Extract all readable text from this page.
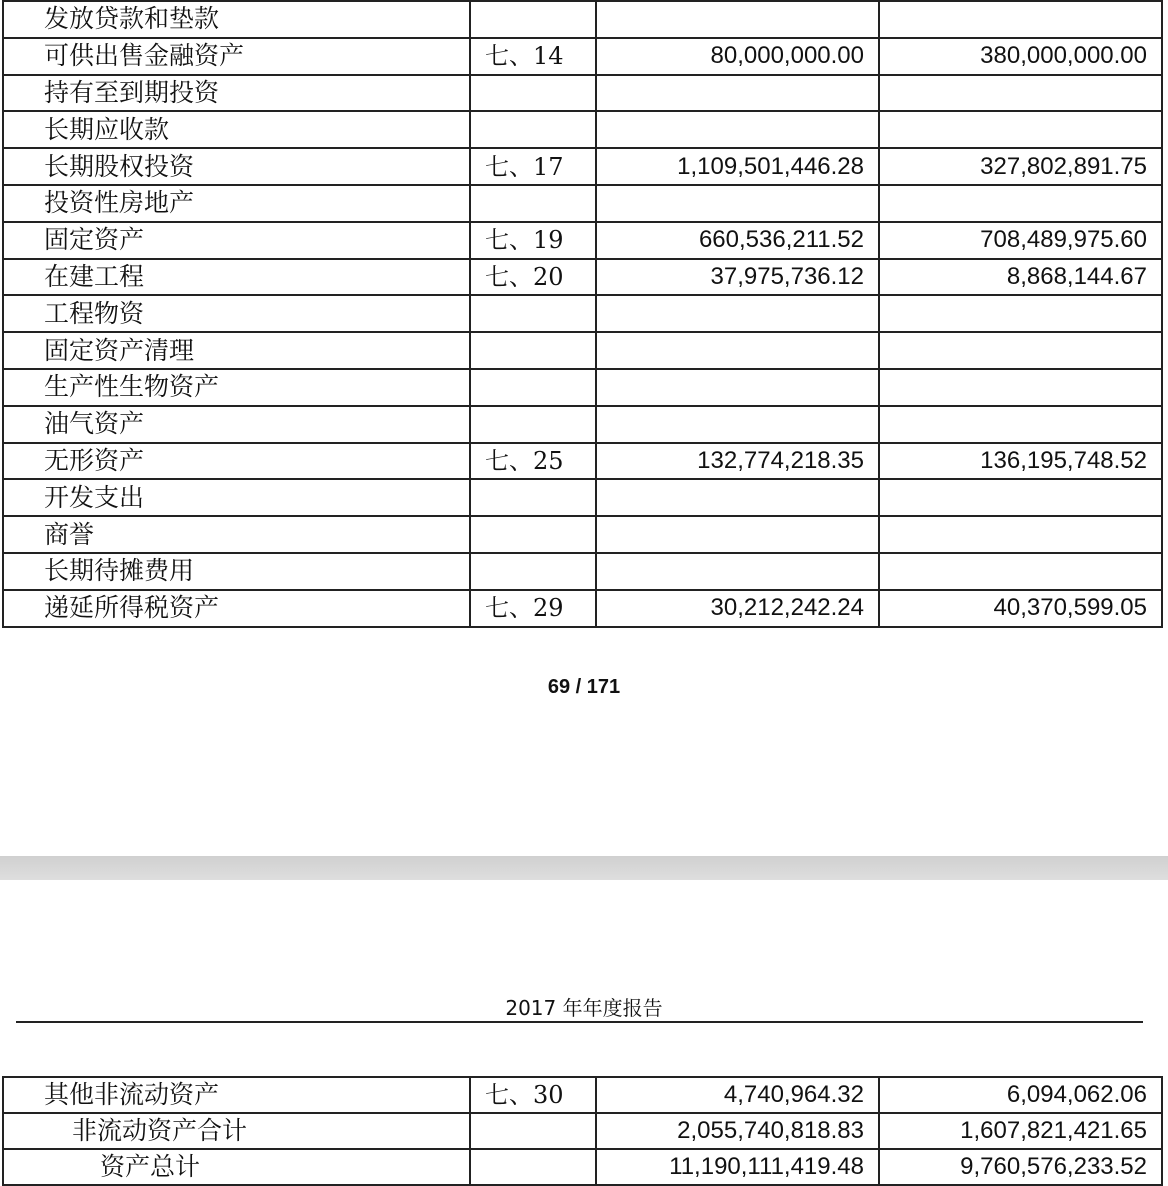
发放贷款和垫款			
可供出售金融资产	七、14	80,000,000.00	380,000,000.00
持有至到期投资			
长期应收款			
长期股权投资	七、17	1,109,501,446.28	327,802,891.75
投资性房地产			
固定资产	七、19	660,536,211.52	708,489,975.60
在建工程	七、20	37,975,736.12	8,868,144.67
工程物资			
固定资产清理			
生产性生物资产			
油气资产			
无形资产	七、25	132,774,218.35	136,195,748.52
开发支出			
商誉			
长期待摊费用			
递延所得税资产	七、29	30,212,242.24	40,370,599.05
69 / 171
2017 年年度报告
其他非流动资产	七、30	4,740,964.32	6,094,062.06
非流动资产合计		2,055,740,818.83	1,607,821,421.65
资产总计		11,190,111,419.48	9,760,576,233.52
